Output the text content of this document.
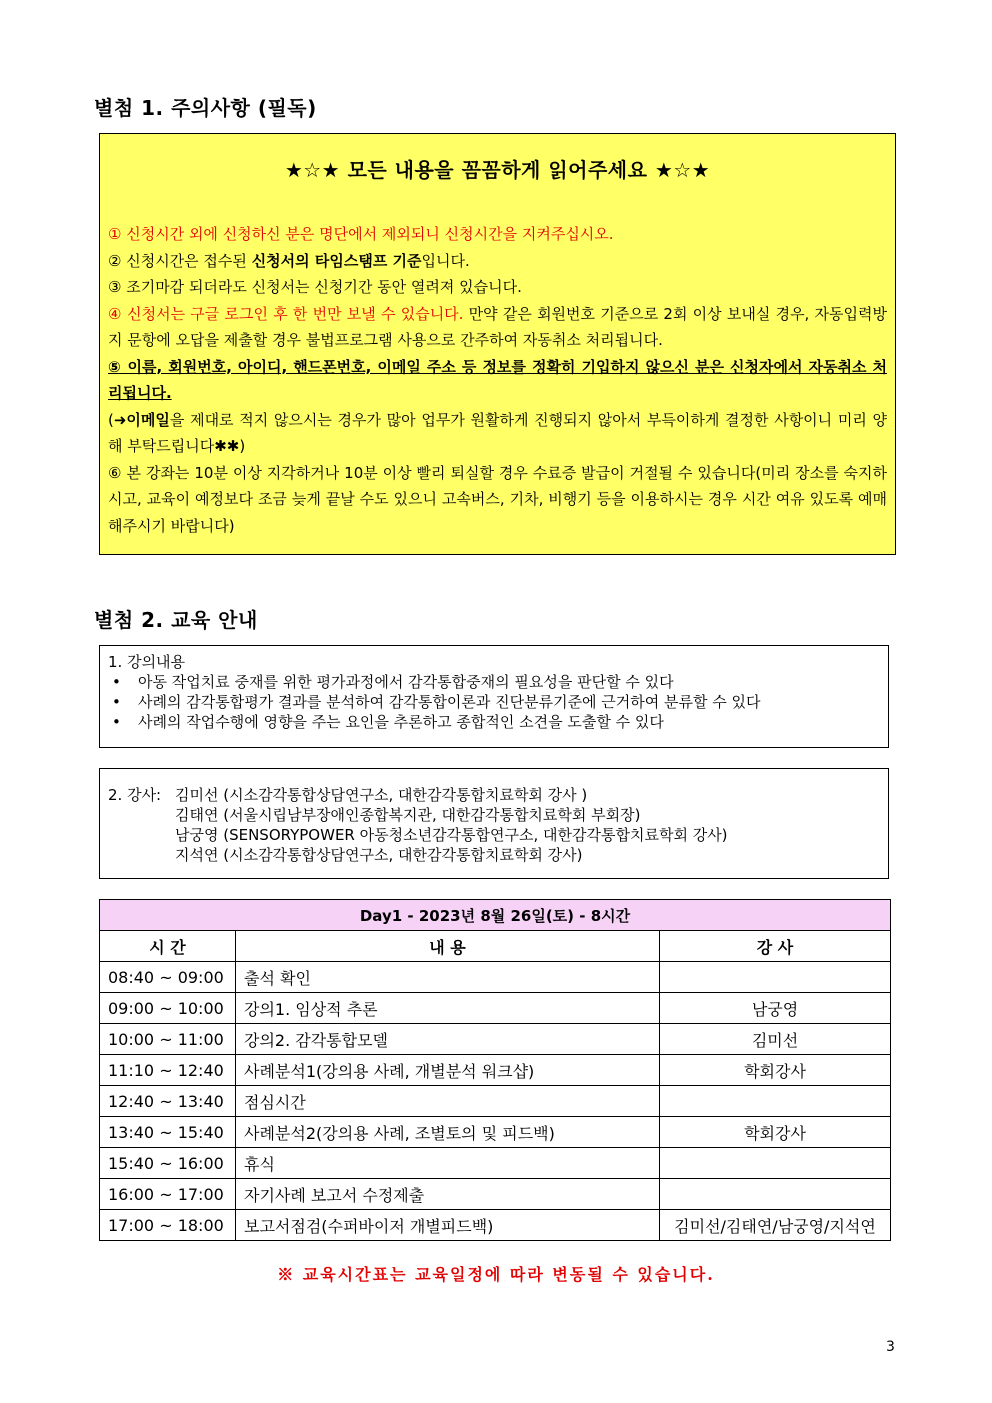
별첨 1. 주의사항 (필독)
★☆★ 모든 내용을 꼼꼼하게 읽어주세요 ★☆★

① 신청시간 외에 신청하신 분은 명단에서 제외되니 신청시간을 지켜주십시오.

② 신청시간은 접수된 신청서의 타임스탬프 기준입니다.

③ 조기마감 되더라도 신청서는 신청기간 동안 열려져 있습니다.

④ 신청서는 구글 로그인 후 한 번만 보낼 수 있습니다. 만약 같은 회원번호 기준으로 2회 이상 보내실 경우, 자동입력방지 문항에 오답을 제출할 경우 불법프로그램 사용으로 간주하여 자동취소 처리됩니다.

⑤ 이름, 회원번호, 아이디, 핸드폰번호, 이메일 주소 등 정보를 정확히 기입하지 않으신 분은 신청자에서 자동취소 처리됩니다.

(➜이메일을 제대로 적지 않으시는 경우가 많아 업무가 원활하게 진행되지 않아서 부득이하게 결정한 사항이니 미리 양해 부탁드립니다✱✱)

⑥ 본 강좌는 10분 이상 지각하거나 10분 이상 빨리 퇴실할 경우 수료증 발급이 거절될 수 있습니다(미리 장소를 숙지하시고, 교육이 예정보다 조금 늦게 끝날 수도 있으니 고속버스, 기차, 비행기 등을 이용하시는 경우 시간 여유 있도록 예매해주시기 바랍니다)

별첨 2. 교육 안내
1. 강의내용
•	아동 작업치료 중재를 위한 평가과정에서 감각통합중재의 필요성을 판단할 수 있다
•	사례의 감각통합평가 결과를 분석하여 감각통합이론과 진단분류기준에 근거하여 분류할 수 있다
•	사례의 작업수행에 영향을 주는 요인을 추론하고 종합적인 소견을 도출할 수 있다
2. 강사: 김미선 (시소감각통합상담연구소, 대한감각통합치료학회 강사 )
김태연 (서울시립남부장애인종합복지관, 대한감각통합치료학회 부회장)
남궁영 (SENSORYPOWER 아동청소년감각통합연구소, 대한감각통합치료학회 강사)
지석연 (시소감각통합상담연구소, 대한감각통합치료학회 강사)
Day1 - 2023년 8월 26일(토) - 8시간		
시 간	내 용	강 사
08:40 ~ 09:00	출석 확인	
09:00 ~ 10:00	강의1. 임상적 추론	남궁영
10:00 ~ 11:00	강의2. 감각통합모델	김미선
11:10 ~ 12:40	사례분석1(강의용 사례, 개별분석 워크샵)	학회강사
12:40 ~ 13:40	점심시간	
13:40 ~ 15:40	사례분석2(강의용 사례, 조별토의 및 피드백)	학회강사
15:40 ~ 16:00	휴식	
16:00 ~ 17:00	자기사례 보고서 수정제출	
17:00 ~ 18:00	보고서점검(수퍼바이저 개별피드백)	김미선/김태연/남궁영/지석연
※ 교육시간표는 교육일정에 따라 변동될 수 있습니다.
3
